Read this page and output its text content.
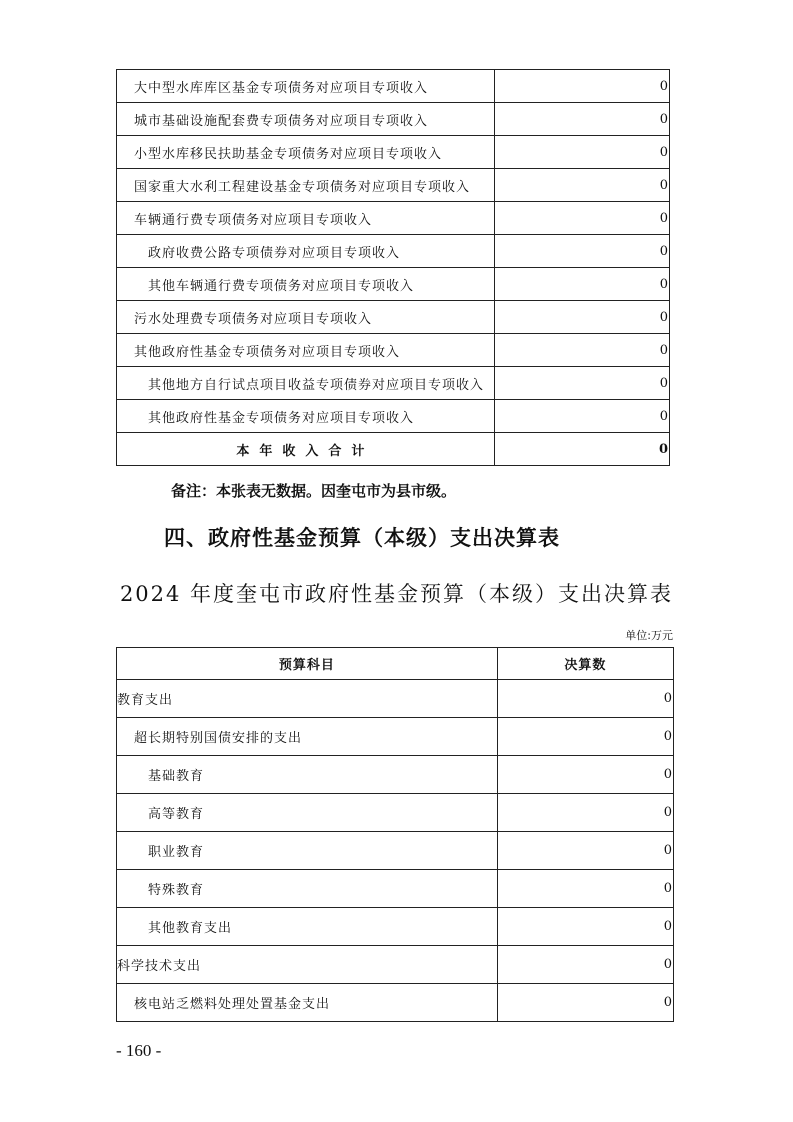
大中型水库库区基金专项债务对应项目专项收入	0
城市基础设施配套费专项债务对应项目专项收入	0
小型水库移民扶助基金专项债务对应项目专项收入	0
国家重大水利工程建设基金专项债务对应项目专项收入	0
车辆通行费专项债务对应项目专项收入	0
政府收费公路专项债券对应项目专项收入	0
其他车辆通行费专项债务对应项目专项收入	0
污水处理费专项债务对应项目专项收入	0
其他政府性基金专项债务对应项目专项收入	0
其他地方自行试点项目收益专项债券对应项目专项收入	0
其他政府性基金专项债务对应项目专项收入	0
本年收入合计	0
备注：本张表无数据。因奎屯市为县市级。
四、政府性基金预算（本级）支出决算表
2024 年度奎屯市政府性基金预算（本级）支出决算表
单位:万元
预算科目	决算数
教育支出	0
超长期特别国债安排的支出	0
基础教育	0
高等教育	0
职业教育	0
特殊教育	0
其他教育支出	0
科学技术支出	0
核电站乏燃料处理处置基金支出	0
- 160 -
